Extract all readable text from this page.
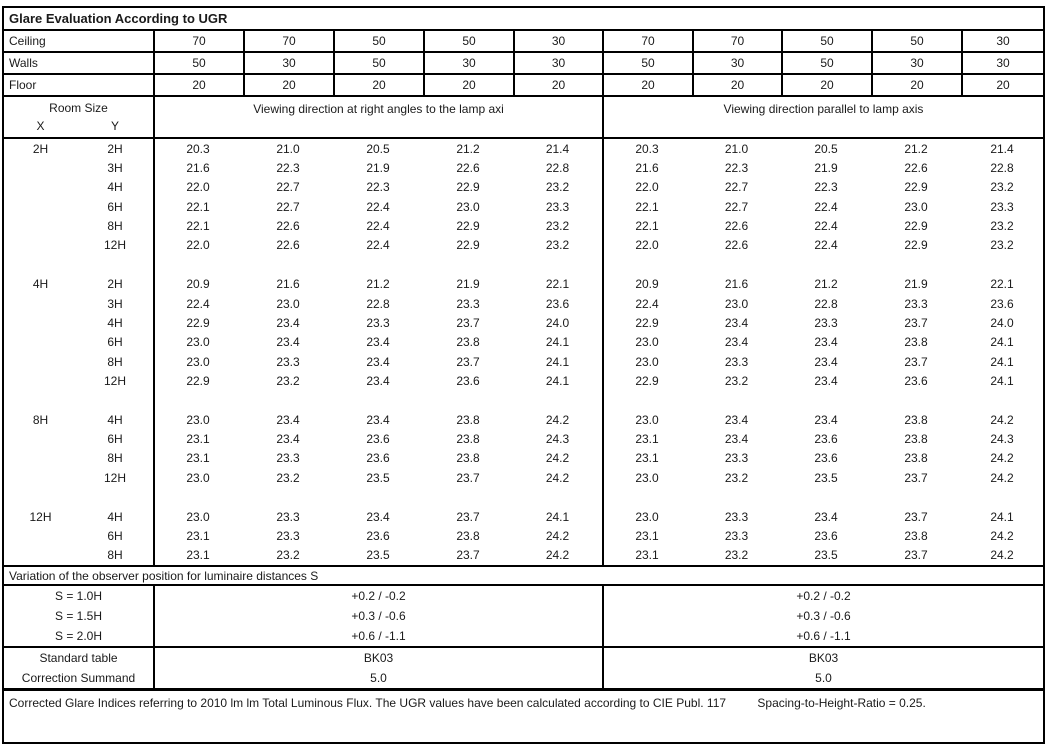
Glare Evaluation According to UGR
Ceiling	70	70	50	50	30	70	70	50	50	30
Walls	50	30	50	30	30	50	30	50	30	30
Floor	20	20	20	20	20	20	20	20	20	20
Room Size
X	Y
Viewing direction at right angles to the lamp axi	Viewing direction parallel to lamp axis
2H	2H	20.3	21.0	20.5	21.2	21.4	20.3	21.0	20.5	21.2	21.4
3H	21.6	22.3	21.9	22.6	22.8	21.6	22.3	21.9	22.6	22.8
4H	22.0	22.7	22.3	22.9	23.2	22.0	22.7	22.3	22.9	23.2
6H	22.1	22.7	22.4	23.0	23.3	22.1	22.7	22.4	23.0	23.3
8H	22.1	22.6	22.4	22.9	23.2	22.1	22.6	22.4	22.9	23.2
12H	22.0	22.6	22.4	22.9	23.2	22.0	22.6	22.4	22.9	23.2
4H	2H	20.9	21.6	21.2	21.9	22.1	20.9	21.6	21.2	21.9	22.1
3H	22.4	23.0	22.8	23.3	23.6	22.4	23.0	22.8	23.3	23.6
4H	22.9	23.4	23.3	23.7	24.0	22.9	23.4	23.3	23.7	24.0
6H	23.0	23.4	23.4	23.8	24.1	23.0	23.4	23.4	23.8	24.1
8H	23.0	23.3	23.4	23.7	24.1	23.0	23.3	23.4	23.7	24.1
12H	22.9	23.2	23.4	23.6	24.1	22.9	23.2	23.4	23.6	24.1
8H	4H	23.0	23.4	23.4	23.8	24.2	23.0	23.4	23.4	23.8	24.2
6H	23.1	23.4	23.6	23.8	24.3	23.1	23.4	23.6	23.8	24.3
8H	23.1	23.3	23.6	23.8	24.2	23.1	23.3	23.6	23.8	24.2
12H	23.0	23.2	23.5	23.7	24.2	23.0	23.2	23.5	23.7	24.2
12H	4H	23.0	23.3	23.4	23.7	24.1	23.0	23.3	23.4	23.7	24.1
6H	23.1	23.3	23.6	23.8	24.2	23.1	23.3	23.6	23.8	24.2
8H	23.1	23.2	23.5	23.7	24.2	23.1	23.2	23.5	23.7	24.2
Variation of the observer position for luminaire distances S
S = 1.0H	+0.2 / -0.2	+0.2 / -0.2
S = 1.5H	+0.3 / -0.6	+0.3 / -0.6
S = 2.0H	+0.6 / -1.1	+0.6 / -1.1
Standard table	BK03	BK03
Correction Summand	5.0	5.0
Corrected Glare Indices referring to 2010 lm lm Total Luminous Flux. The UGR values have been calculated according to CIE Publ. 117	Spacing-to-Height-Ratio = 0.25.
